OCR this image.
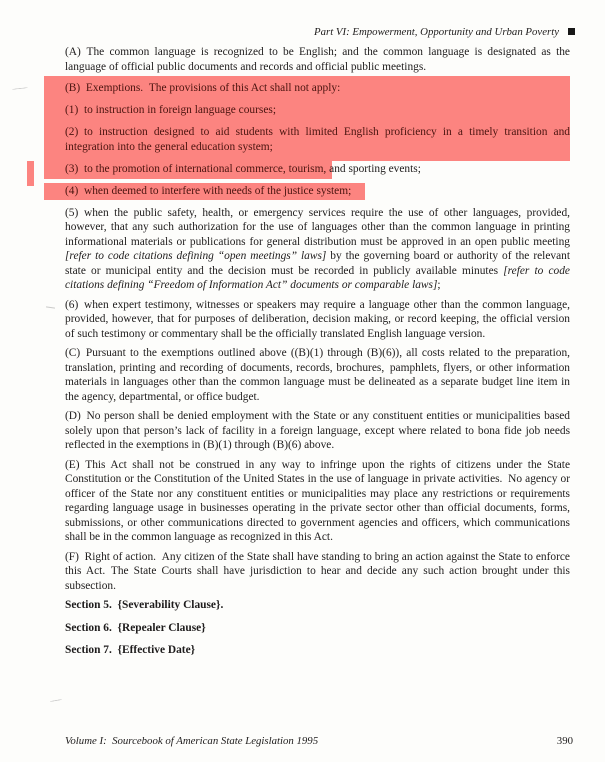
Part VI: Empowerment, Opportunity and Urban Poverty

(A) The common language is recognized to be English; and the common language is designated as the language of official public documents and records and official public meetings.

(B) Exemptions. The provisions of this Act shall not apply:

(1) to instruction in foreign language courses;

(2) to instruction designed to aid students with limited English proficiency in a timely transition and integration into the general education system;

(3) to the promotion of international commerce, tourism, and sporting events;

(4) when deemed to interfere with needs of the justice system;

(5) when the public safety, health, or emergency services require the use of other languages, provided, however, that any such authorization for the use of languages other than the common language in printing informational materials or publications for general distribution must be approved in an open public meeting [refer to code citations defining “open meetings” laws] by the governing board or authority of the relevant state or municipal entity and the decision must be recorded in publicly available minutes [refer to code citations defining “Freedom of Information Act” documents or comparable laws];

(6) when expert testimony, witnesses or speakers may require a language other than the common language, provided, however, that for purposes of deliberation, decision making, or record keeping, the official version of such testimony or commentary shall be the officially translated English language version.

(C) Pursuant to the exemptions outlined above ((B)(1) through (B)(6)), all costs related to the preparation, translation, printing and recording of documents, records, brochures, pamphlets, flyers, or other information materials in languages other than the common language must be delineated as a separate budget line item in the agency, departmental, or office budget.

(D) No person shall be denied employment with the State or any constituent entities or municipalities based solely upon that person’s lack of facility in a foreign language, except where related to bona fide job needs reflected in the exemptions in (B)(1) through (B)(6) above.

(E) This Act shall not be construed in any way to infringe upon the rights of citizens under the State Constitution or the Constitution of the United States in the use of language in private activities. No agency or officer of the State nor any constituent entities or municipalities may place any restrictions or requirements regarding language usage in businesses operating in the private sector other than official documents, forms, submissions, or other communications directed to government agencies and officers, which communications shall be in the common language as recognized in this Act.

(F) Right of action. Any citizen of the State shall have standing to bring an action against the State to enforce this Act. The State Courts shall have jurisdiction to hear and decide any such action brought under this subsection.

Section 5. {Severability Clause}.

Section 6. {Repealer Clause}

Section 7. {Effective Date}

Volume I: Sourcebook of American State Legislation 1995	390
